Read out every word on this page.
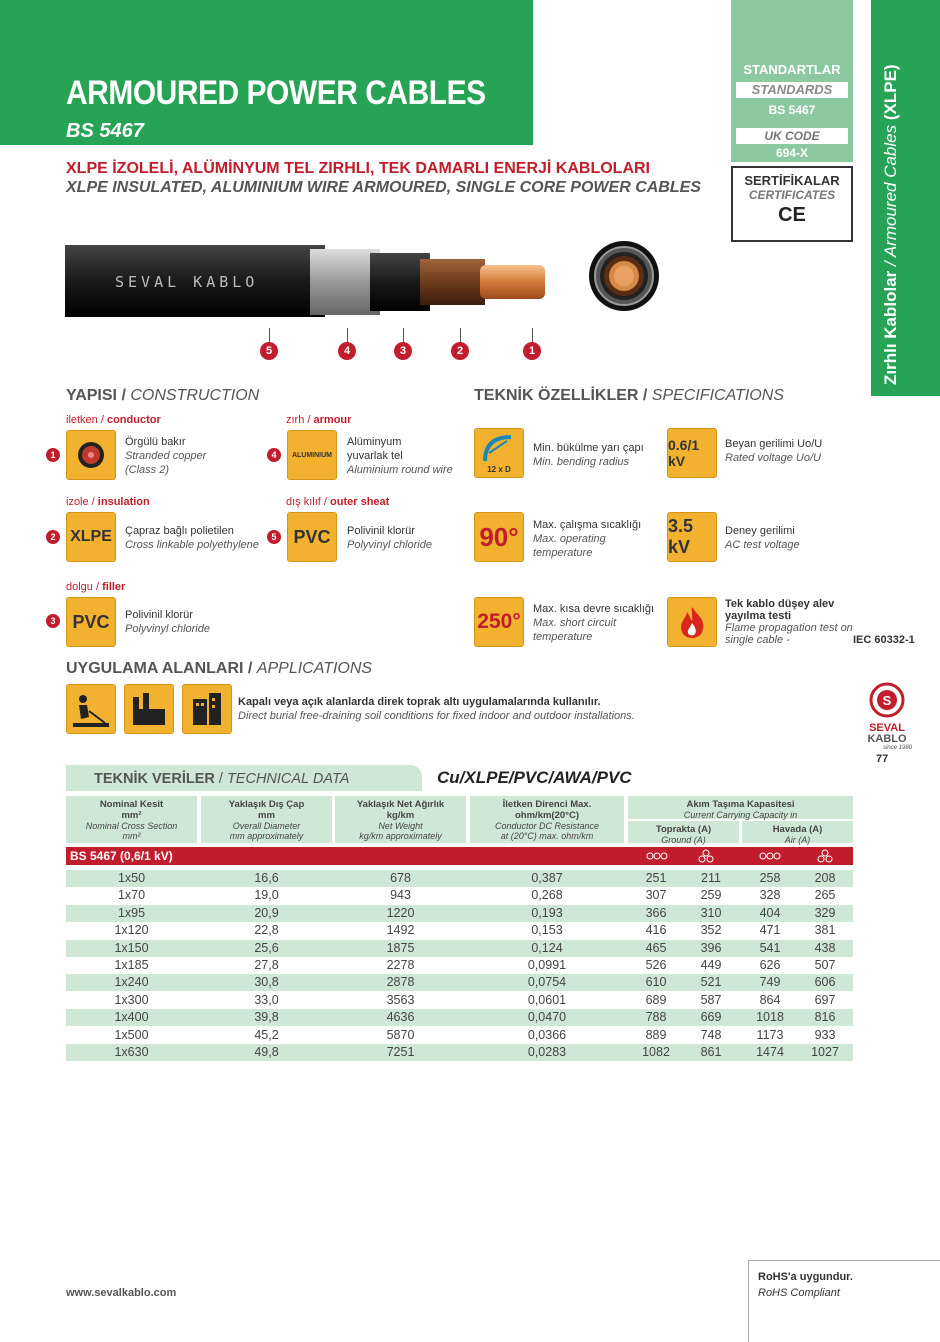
ARMOURED POWER CABLES
BS 5467
STANDARTLAR
STANDARDS
BS 5467
UK CODE
694-X
SERTİFİKALAR
CERTIFICATES
CE
Zırhlı Kablolar / Armoured Cables (XLPE)
XLPE İZOLELİ, ALÜMİNYUM TEL ZIRHLI, TEK DAMARLI ENERJİ KABLOLARI
XLPE INSULATED, ALUMINIUM WIRE ARMOURED, SINGLE CORE POWER CABLES
SEVAL KABLO
5	4	3	2	1
YAPISI / CONSTRUCTION
iletken / conductor
1
Örgülü bakır
Stranded copper
(Class 2)
izole / insulation
2 XLPE	Çapraz bağlı polietilen
Cross linkable polyethylene
dolgu / filler
3 PVC	Polivinil klorür
Polyvinyl chloride
zırh / armour
4	ALUMINIUM
Alüminyum yuvarlak tel
Aluminium round wire
dış kılıf / outer sheat
5 PVC	Polivinil klorür
Polyvinyl chloride
TEKNİK ÖZELLİKLER / SPECIFICATIONS
12 x D
Min. bükülme yarı çapı
Min. bending radius
0.6/1 kV
Beyan gerilimi Uo/U
Rated voltage Uo/U
90°	Max. çalışma sıcaklığı
Max. operating temperature
3.5 kV
Deney gerilimi
AC test voltage
250°
Max. kısa devre sıcaklığı
Max. short circuit temperature
Tek kablo düşey alev yayılma testi
Flame propagation test on single cable -	IEC 60332-1
UYGULAMA ALANLARI / APPLICATIONS
Kapalı veya açık alanlarda direk toprak altı uygulamalarında kullanılır.
Direct burial free-draining soil conditions for fixed indoor and outdoor installations.
S
SEVAL
KABLO
since 1980
77
TEKNİK VERİLER / TECHNICAL DATA	Cu/XLPE/PVC/AWA/PVC
Nominal Kesit
mm²
Nominal Cross Section
mm²
Yaklaşık Dış Çap
mm
Overall Diameter
mm approximately
Yaklaşık Net Ağırlık
kg/km
Net Weight
kg/km approximately
İletken Direnci Max.
ohm/km(20°C)
Conductor DC Resistance
at (20°C) max. ohm/km
Akım Taşıma Kapasitesi
Current Carrying Capacity in
Toprakta (A)
Ground (A)
Havada (A)
Air (A)
BS 5467 (0,6/1 kV)
1x50	16,6	678	0,387	251	211	258	208
1x70	19,0	943	0,268	307	259	328	265
1x95	20,9	1220	0,193	366	310	404	329
1x120	22,8	1492	0,153	416	352	471	381
1x150	25,6	1875	0,124	465	396	541	438
1x185	27,8	2278	0,0991	526	449	626	507
1x240	30,8	2878	0,0754	610	521	749	606
1x300	33,0	3563	0,0601	689	587	864	697
1x400	39,8	4636	0,0470	788	669	1018	816
1x500	45,2	5870	0,0366	889	748	1173	933
1x630	49,8	7251	0,0283	1082	861	1474	1027
www.sevalkablo.com
RoHS'a uygundur.
RoHS Compliant
